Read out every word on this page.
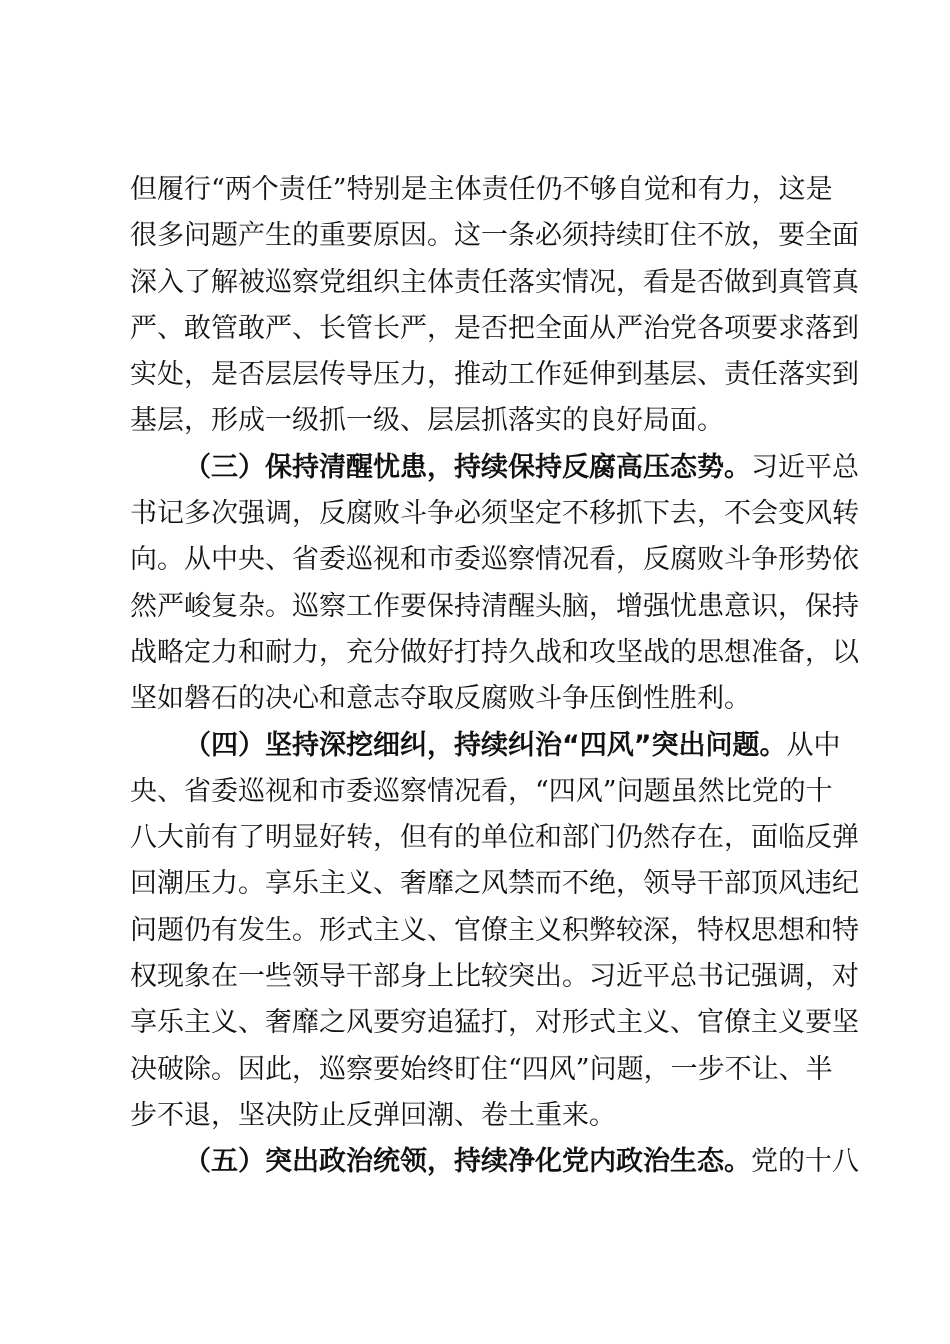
但履行“两个责任”特别是主体责任仍不够自觉和有力，这是
很多问题产生的重要原因。这一条必须持续盯住不放，要全面
深入了解被巡察党组织主体责任落实情况，看是否做到真管真
严、敢管敢严、长管长严，是否把全面从严治党各项要求落到
实处，是否层层传导压力，推动工作延伸到基层、责任落实到
基层，形成一级抓一级、层层抓落实的良好局面。
（三）保持清醒忧患，持续保持反腐高压态势。习近平总
书记多次强调，反腐败斗争必须坚定不移抓下去，不会变风转
向。从中央、省委巡视和市委巡察情况看，反腐败斗争形势依
然严峻复杂。巡察工作要保持清醒头脑，增强忧患意识，保持
战略定力和耐力，充分做好打持久战和攻坚战的思想准备，以
坚如磐石的决心和意志夺取反腐败斗争压倒性胜利。
（四）坚持深挖细纠，持续纠治“四风”突出问题。从中
央、省委巡视和市委巡察情况看，“四风”问题虽然比党的十
八大前有了明显好转，但有的单位和部门仍然存在，面临反弹
回潮压力。享乐主义、奢靡之风禁而不绝，领导干部顶风违纪
问题仍有发生。形式主义、官僚主义积弊较深，特权思想和特
权现象在一些领导干部身上比较突出。习近平总书记强调，对
享乐主义、奢靡之风要穷追猛打，对形式主义、官僚主义要坚
决破除。因此，巡察要始终盯住“四风”问题，一步不让、半
步不退，坚决防止反弹回潮、卷土重来。
（五）突出政治统领，持续净化党内政治生态。党的十八
